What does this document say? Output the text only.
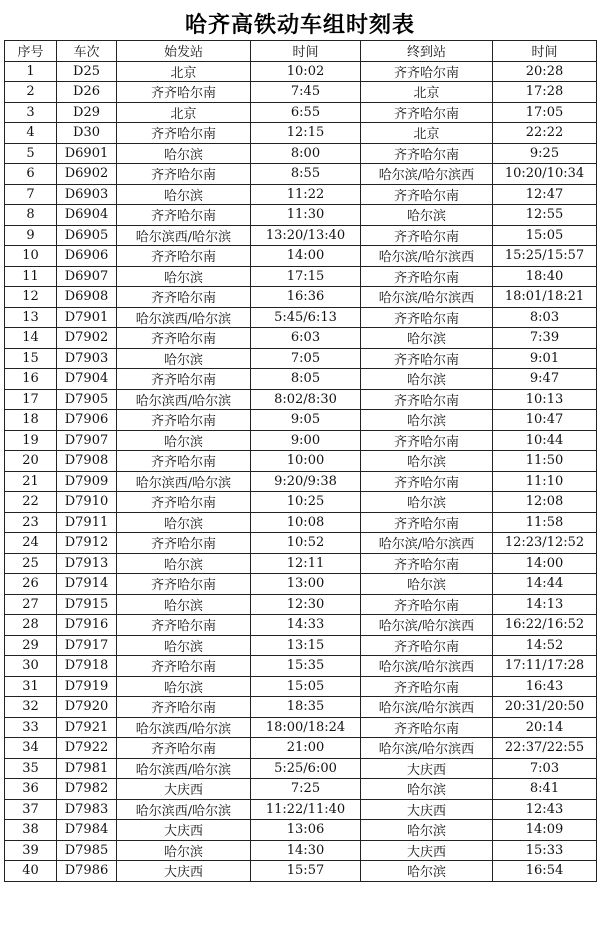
哈齐高铁动车组时刻表
序号	车次	始发站	时间	终到站	时间
1	D25	北京	10:02	齐齐哈尔南	20:28
2	D26	齐齐哈尔南	7:45	北京	17:28
3	D29	北京	6:55	齐齐哈尔南	17:05
4	D30	齐齐哈尔南	12:15	北京	22:22
5	D6901	哈尔滨	8:00	齐齐哈尔南	9:25
6	D6902	齐齐哈尔南	8:55	哈尔滨/哈尔滨西	10:20/10:34
7	D6903	哈尔滨	11:22	齐齐哈尔南	12:47
8	D6904	齐齐哈尔南	11:30	哈尔滨	12:55
9	D6905	哈尔滨西/哈尔滨	13:20/13:40	齐齐哈尔南	15:05
10	D6906	齐齐哈尔南	14:00	哈尔滨/哈尔滨西	15:25/15:57
11	D6907	哈尔滨	17:15	齐齐哈尔南	18:40
12	D6908	齐齐哈尔南	16:36	哈尔滨/哈尔滨西	18:01/18:21
13	D7901	哈尔滨西/哈尔滨	5:45/6:13	齐齐哈尔南	8:03
14	D7902	齐齐哈尔南	6:03	哈尔滨	7:39
15	D7903	哈尔滨	7:05	齐齐哈尔南	9:01
16	D7904	齐齐哈尔南	8:05	哈尔滨	9:47
17	D7905	哈尔滨西/哈尔滨	8:02/8:30	齐齐哈尔南	10:13
18	D7906	齐齐哈尔南	9:05	哈尔滨	10:47
19	D7907	哈尔滨	9:00	齐齐哈尔南	10:44
20	D7908	齐齐哈尔南	10:00	哈尔滨	11:50
21	D7909	哈尔滨西/哈尔滨	9:20/9:38	齐齐哈尔南	11:10
22	D7910	齐齐哈尔南	10:25	哈尔滨	12:08
23	D7911	哈尔滨	10:08	齐齐哈尔南	11:58
24	D7912	齐齐哈尔南	10:52	哈尔滨/哈尔滨西	12:23/12:52
25	D7913	哈尔滨	12:11	齐齐哈尔南	14:00
26	D7914	齐齐哈尔南	13:00	哈尔滨	14:44
27	D7915	哈尔滨	12:30	齐齐哈尔南	14:13
28	D7916	齐齐哈尔南	14:33	哈尔滨/哈尔滨西	16:22/16:52
29	D7917	哈尔滨	13:15	齐齐哈尔南	14:52
30	D7918	齐齐哈尔南	15:35	哈尔滨/哈尔滨西	17:11/17:28
31	D7919	哈尔滨	15:05	齐齐哈尔南	16:43
32	D7920	齐齐哈尔南	18:35	哈尔滨/哈尔滨西	20:31/20:50
33	D7921	哈尔滨西/哈尔滨	18:00/18:24	齐齐哈尔南	20:14
34	D7922	齐齐哈尔南	21:00	哈尔滨/哈尔滨西	22:37/22:55
35	D7981	哈尔滨西/哈尔滨	5:25/6:00	大庆西	7:03
36	D7982	大庆西	7:25	哈尔滨	8:41
37	D7983	哈尔滨西/哈尔滨	11:22/11:40	大庆西	12:43
38	D7984	大庆西	13:06	哈尔滨	14:09
39	D7985	哈尔滨	14:30	大庆西	15:33
40	D7986	大庆西	15:57	哈尔滨	16:54
